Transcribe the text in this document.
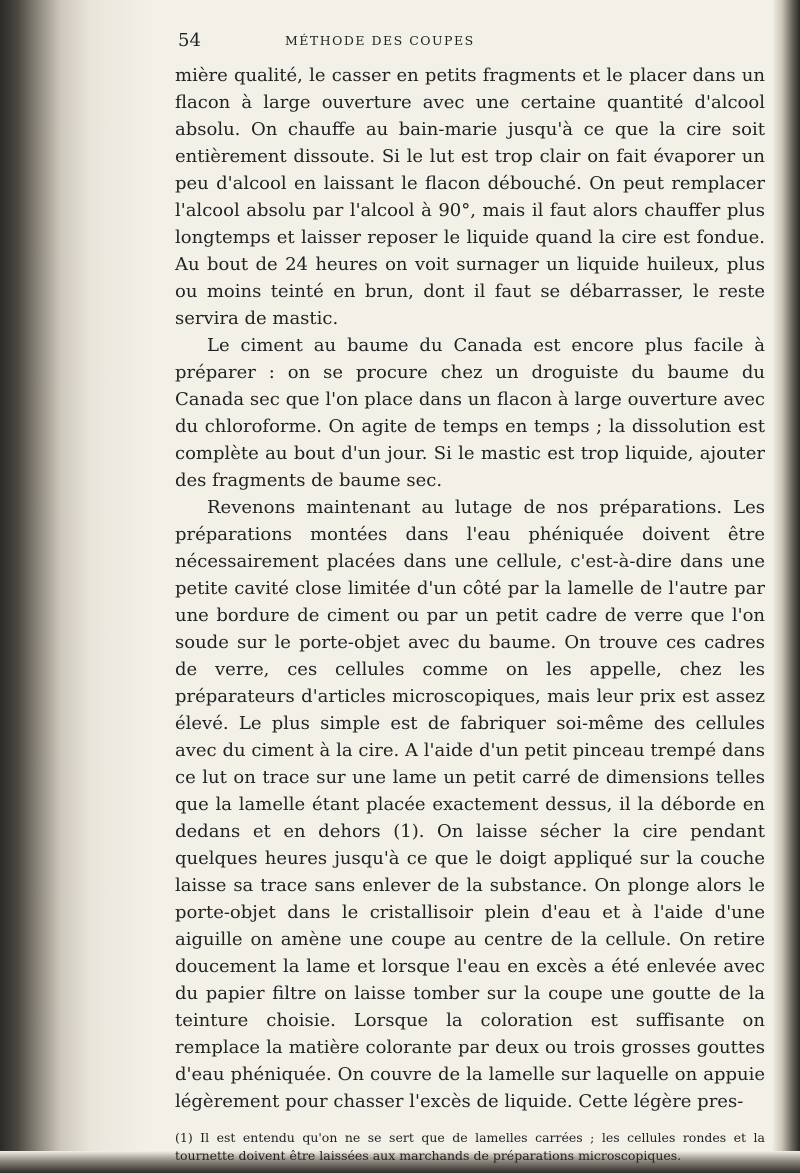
54	MÉTHODE DES COUPES

mière qualité, le casser en petits fragments et le placer dans un flacon à large ouverture avec une certaine quantité d'alcool absolu. On chauffe au bain-marie jusqu'à ce que la cire soit entièrement dissoute. Si le lut est trop clair on fait évaporer un peu d'alcool en laissant le flacon débouché. On peut remplacer l'alcool absolu par l'alcool à 90°, mais il faut alors chauffer plus longtemps et laisser reposer le liquide quand la cire est fondue. Au bout de 24 heures on voit surnager un liquide huileux, plus ou moins teinté en brun, dont il faut se débarrasser, le reste servira de mastic.

Le ciment au baume du Canada est encore plus facile à préparer : on se procure chez un droguiste du baume du Canada sec que l'on place dans un flacon à large ouverture avec du chloroforme. On agite de temps en temps ; la dissolution est complète au bout d'un jour. Si le mastic est trop liquide, ajouter des fragments de baume sec.

Revenons maintenant au lutage de nos préparations. Les préparations montées dans l'eau phéniquée doivent être nécessairement placées dans une cellule, c'est-à-dire dans une petite cavité close limitée d'un côté par la lamelle de l'autre par une bordure de ciment ou par un petit cadre de verre que l'on soude sur le porte-objet avec du baume. On trouve ces cadres de verre, ces cellules comme on les appelle, chez les préparateurs d'articles microscopiques, mais leur prix est assez élevé. Le plus simple est de fabriquer soi-même des cellules avec du ciment à la cire. A l'aide d'un petit pinceau trempé dans ce lut on trace sur une lame un petit carré de dimensions telles que la lamelle étant placée exactement dessus, il la déborde en dedans et en dehors (1). On laisse sécher la cire pendant quelques heures jusqu'à ce que le doigt appliqué sur la couche laisse sa trace sans enlever de la substance. On plonge alors le porte-objet dans le cristallisoir plein d'eau et à l'aide d'une aiguille on amène une coupe au centre de la cellule. On retire doucement la lame et lorsque l'eau en excès a été enlevée avec du papier filtre on laisse tomber sur la coupe une goutte de la teinture choisie. Lorsque la coloration est suffisante on remplace la matière colorante par deux ou trois grosses gouttes d'eau phéniquée. On couvre de la lamelle sur laquelle on appuie légèrement pour chasser l'excès de liquide. Cette légère pres-

(1) Il est entendu qu'on ne se sert que de lamelles carrées ; les cellules rondes et la tournette doivent être laissées aux marchands de préparations microscopiques.
